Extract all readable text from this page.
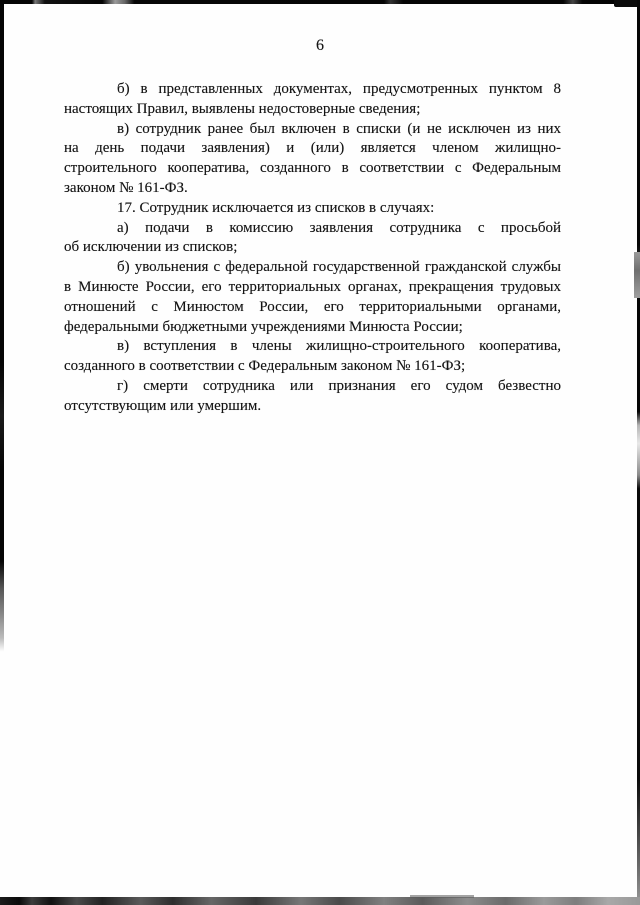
6
б) в представленных документах, предусмотренных пунктом 8
настоящих Правил, выявлены недостоверные сведения;
в) сотрудник ранее был включен в списки (и не исключен из них
на день подачи заявления) и (или) является членом жилищно-
строительного кооператива, созданного в соответствии с Федеральным
законом № 161-ФЗ.
17. Сотрудник исключается из списков в случаях:
а) подачи в комиссию заявления сотрудника с просьбой
об исключении из списков;
б) увольнения с федеральной государственной гражданской службы
в Минюсте России, его территориальных органах, прекращения трудовых
отношений с Минюстом России, его территориальными органами,
федеральными бюджетными учреждениями Минюста России;
в) вступления в члены жилищно-строительного кооператива,
созданного в соответствии с Федеральным законом № 161-ФЗ;
г) смерти сотрудника или признания его судом безвестно
отсутствующим или умершим.
